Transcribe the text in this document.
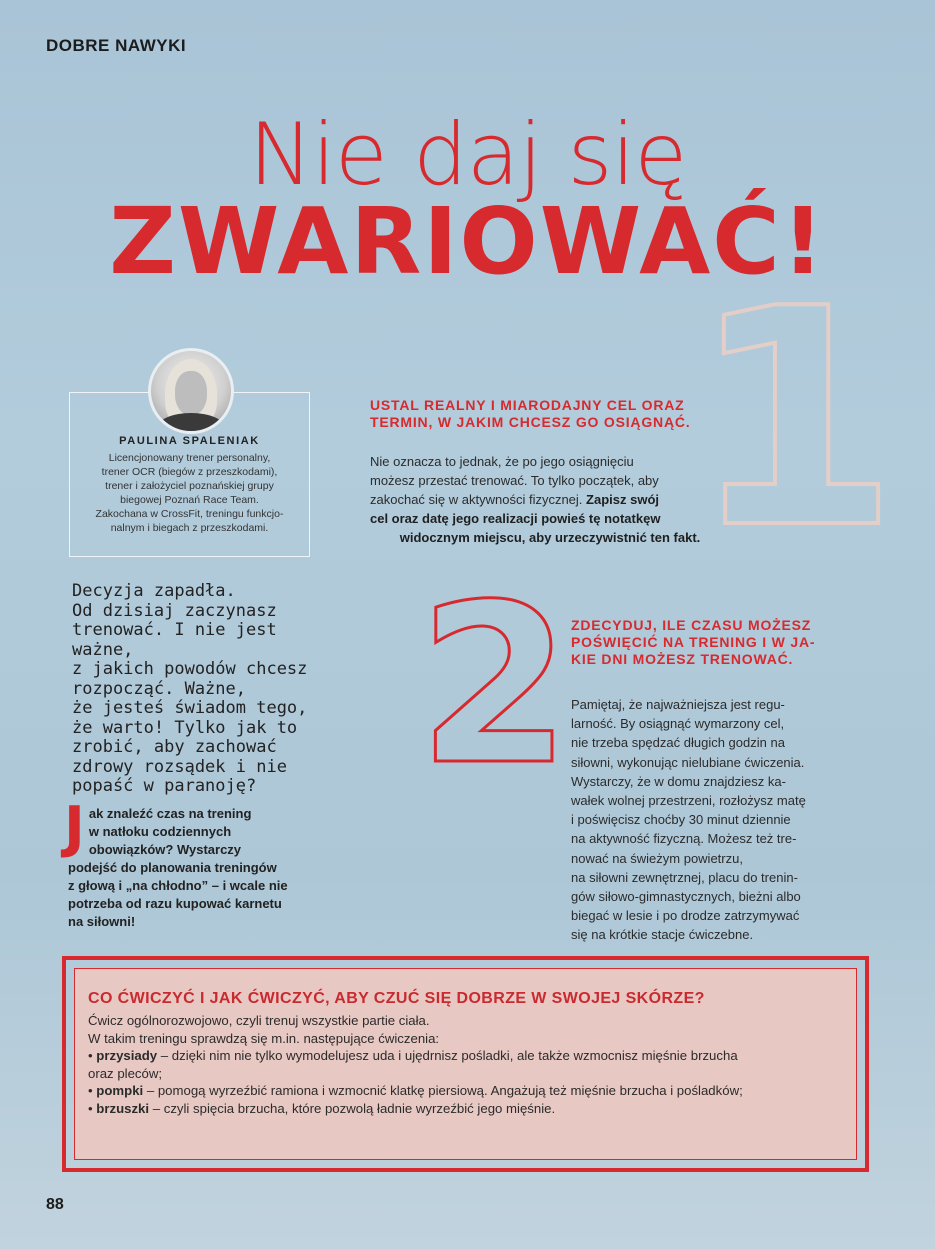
DOBRE NAWYKI

Nie daj się
ZWARIOWAĆ!
1
2

PAULINA SPALENIAK

Licencjonowany trener personalny,
trener OCR (biegów z przeszkodami),
trener i założyciel poznańskiej grupy
biegowej Poznań Race Team.
Zakochana w CrossFit, treningu funkcjo-
nalnym i biegach z przeszkodami.
Decyzja zapadła.
Od dzisiaj zaczynasz
trenować. I nie jest ważne,
z jakich powodów chcesz
rozpocząć. Ważne,
że jesteś świadom tego,
że warto! Tylko jak to
zrobić, aby zachować
zdrowy rozsądek i nie
popaść w paranoję?
J ak znaleźć czas na trening

w natłoku codziennych

obowiązków? Wystarczy

podejść do planowania treningów

z głową i „na chłodno” – i wcale nie

potrzeba od razu kupować karnetu

na siłowni!

USTAL REALNY I MIARODAJNY CEL ORAZ
TERMIN, W JAKIM CHCESZ GO OSIĄGNĄĆ.
Nie oznacza to jednak, że po jego osiągnięciu
możesz przestać trenować. To tylko początek, aby
zakochać się w aktywności fizycznej. Zapisz swój
cel oraz datę jego realizacji powieś tę notatkęw
widocznym miejscu, aby urzeczywistnić ten fakt.
ZDECYDUJ, ILE CZASU MOŻESZ
POŚWIĘCIĆ NA TRENING I W JA-
KIE DNI MOŻESZ TRENOWAĆ.
Pamiętaj, że najważniejsza jest regu-
larność. By osiągnąć wymarzony cel,
nie trzeba spędzać długich godzin na
siłowni, wykonując nielubiane ćwiczenia.
Wystarczy, że w domu znajdziesz ka-
wałek wolnej przestrzeni, rozłożysz matę
i poświęcisz choćby 30 minut dziennie
na aktywność fizyczną. Możesz też tre-
nować na świeżym powietrzu,
na siłowni zewnętrznej, placu do trenin-
gów siłowo-gimnastycznych, bieżni albo
biegać w lesie i po drodze zatrzymywać
się na krótkie stacje ćwiczebne.

CO ĆWICZYĆ I JAK ĆWICZYĆ, ABY CZUĆ SIĘ DOBRZE W SWOJEJ SKÓRZE?

Ćwicz ogólnorozwojowo, czyli trenuj wszystkie partie ciała.

W takim treningu sprawdzą się m.in. następujące ćwiczenia:

• przysiady – dzięki nim nie tylko wymodelujesz uda i ujędrnisz pośladki, ale także wzmocnisz mięśnie brzucha

oraz pleców;

• pompki – pomogą wyrzeźbić ramiona i wzmocnić klatkę piersiową. Angażują też mięśnie brzucha i pośladków;

• brzuszki – czyli spięcia brzucha, które pozwolą ładnie wyrzeźbić jego mięśnie.

88
